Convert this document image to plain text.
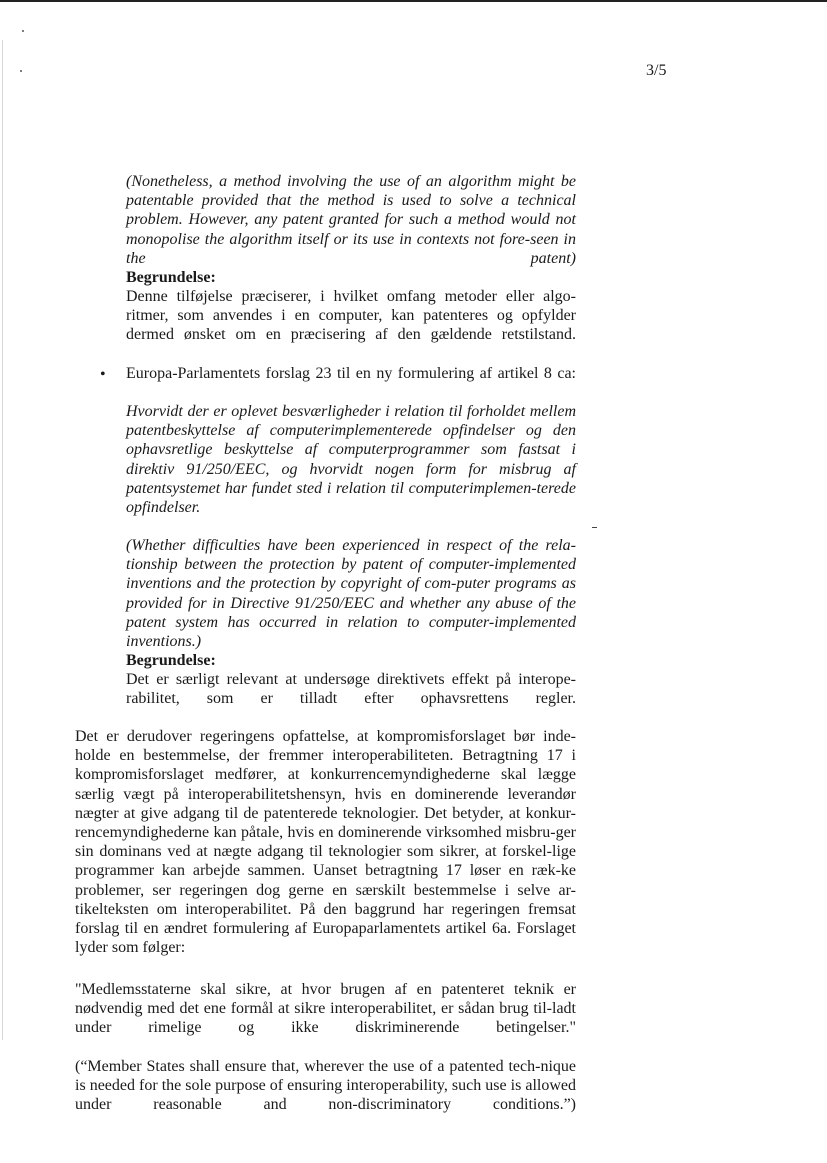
3/5
(Nonetheless, a method involving the use of an algorithm might be patentable provided that the method is used to solve a technical problem. However, any patent granted for such a method would not monopolise the algorithm itself or its use in contexts not fore-seen in the patent)
Begrundelse:
Denne tilføjelse præciserer, i hvilket omfang metoder eller algo-ritmer, som anvendes i en computer, kan patenteres og opfylder dermed ønsket om en præcisering af den gældende retstilstand.
• Europa-Parlamentets forslag 23 til en ny formulering af artikel 8 ca:
Hvorvidt der er oplevet besværligheder i relation til forholdet mellem patentbeskyttelse af computerimplementerede opfindelser og den ophavsretlige beskyttelse af computerprogrammer som fastsat i direktiv 91/250/EEC, og hvorvidt nogen form for misbrug af patentsystemet har fundet sted i relation til computerimplemen-terede opfindelser.
(Whether difficulties have been experienced in respect of the rela-tionship between the protection by patent of computer-implemented inventions and the protection by copyright of com-puter programs as provided for in Directive 91/250/EEC and whether any abuse of the patent system has occurred in relation to computer-implemented inventions.)
Begrundelse:
Det er særligt relevant at undersøge direktivets effekt på interope-rabilitet, som er tilladt efter ophavsrettens regler.
Det er derudover regeringens opfattelse, at kompromisforslaget bør inde-holde en bestemmelse, der fremmer interoperabiliteten. Betragtning 17 i kompromisforslaget medfører, at konkurrencemyndighederne skal lægge særlig vægt på interoperabilitetshensyn, hvis en dominerende leverandør nægter at give adgang til de patenterede teknologier. Det betyder, at konkur-rencemyndighederne kan påtale, hvis en dominerende virksomhed misbru-ger sin dominans ved at nægte adgang til teknologier som sikrer, at forskel-lige programmer kan arbejde sammen. Uanset betragtning 17 løser en ræk-ke problemer, ser regeringen dog gerne en særskilt bestemmelse i selve ar-tikelteksten om interoperabilitet. På den baggrund har regeringen fremsat forslag til en ændret formulering af Europaparlamentets artikel 6a. Forslaget lyder som følger:
"Medlemsstaterne skal sikre, at hvor brugen af en patenteret teknik er nødvendig med det ene formål at sikre interoperabilitet, er sådan brug til-ladt under rimelige og ikke diskriminerende betingelser."
(“Member States shall ensure that, wherever the use of a patented tech-nique is needed for the sole purpose of ensuring interoperability, such use is allowed under reasonable and non-discriminatory conditions.”)
